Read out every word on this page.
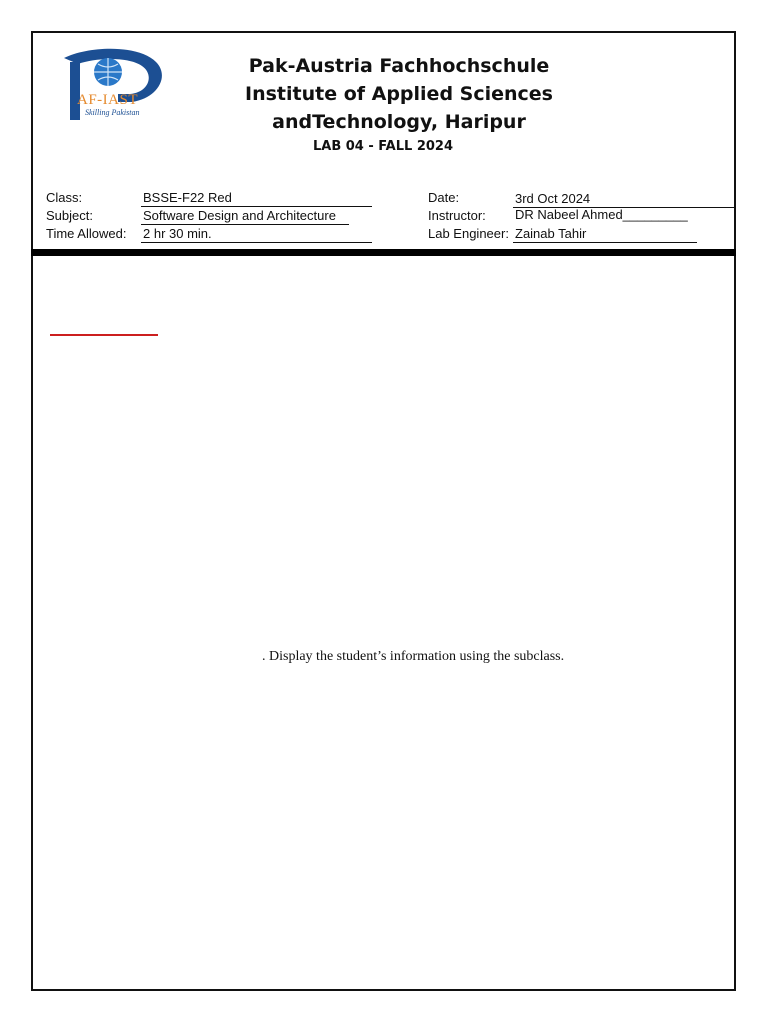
AF-IAST
Skilling Pakistan
Pak-Austria Fachhochschule
Institute of Applied Sciences
andTechnology, Haripur
LAB 04 - FALL 2024
Class:	BSSE-F22 Red
Subject:	Software Design and Architecture
Time Allowed: 2 hr 30 min.
Date:	3rd Oct 2024
Instructor: DR Nabeel Ahmed_________
Lab Engineer: Zainab Tahir
. Display the student’s information using the subclass.
